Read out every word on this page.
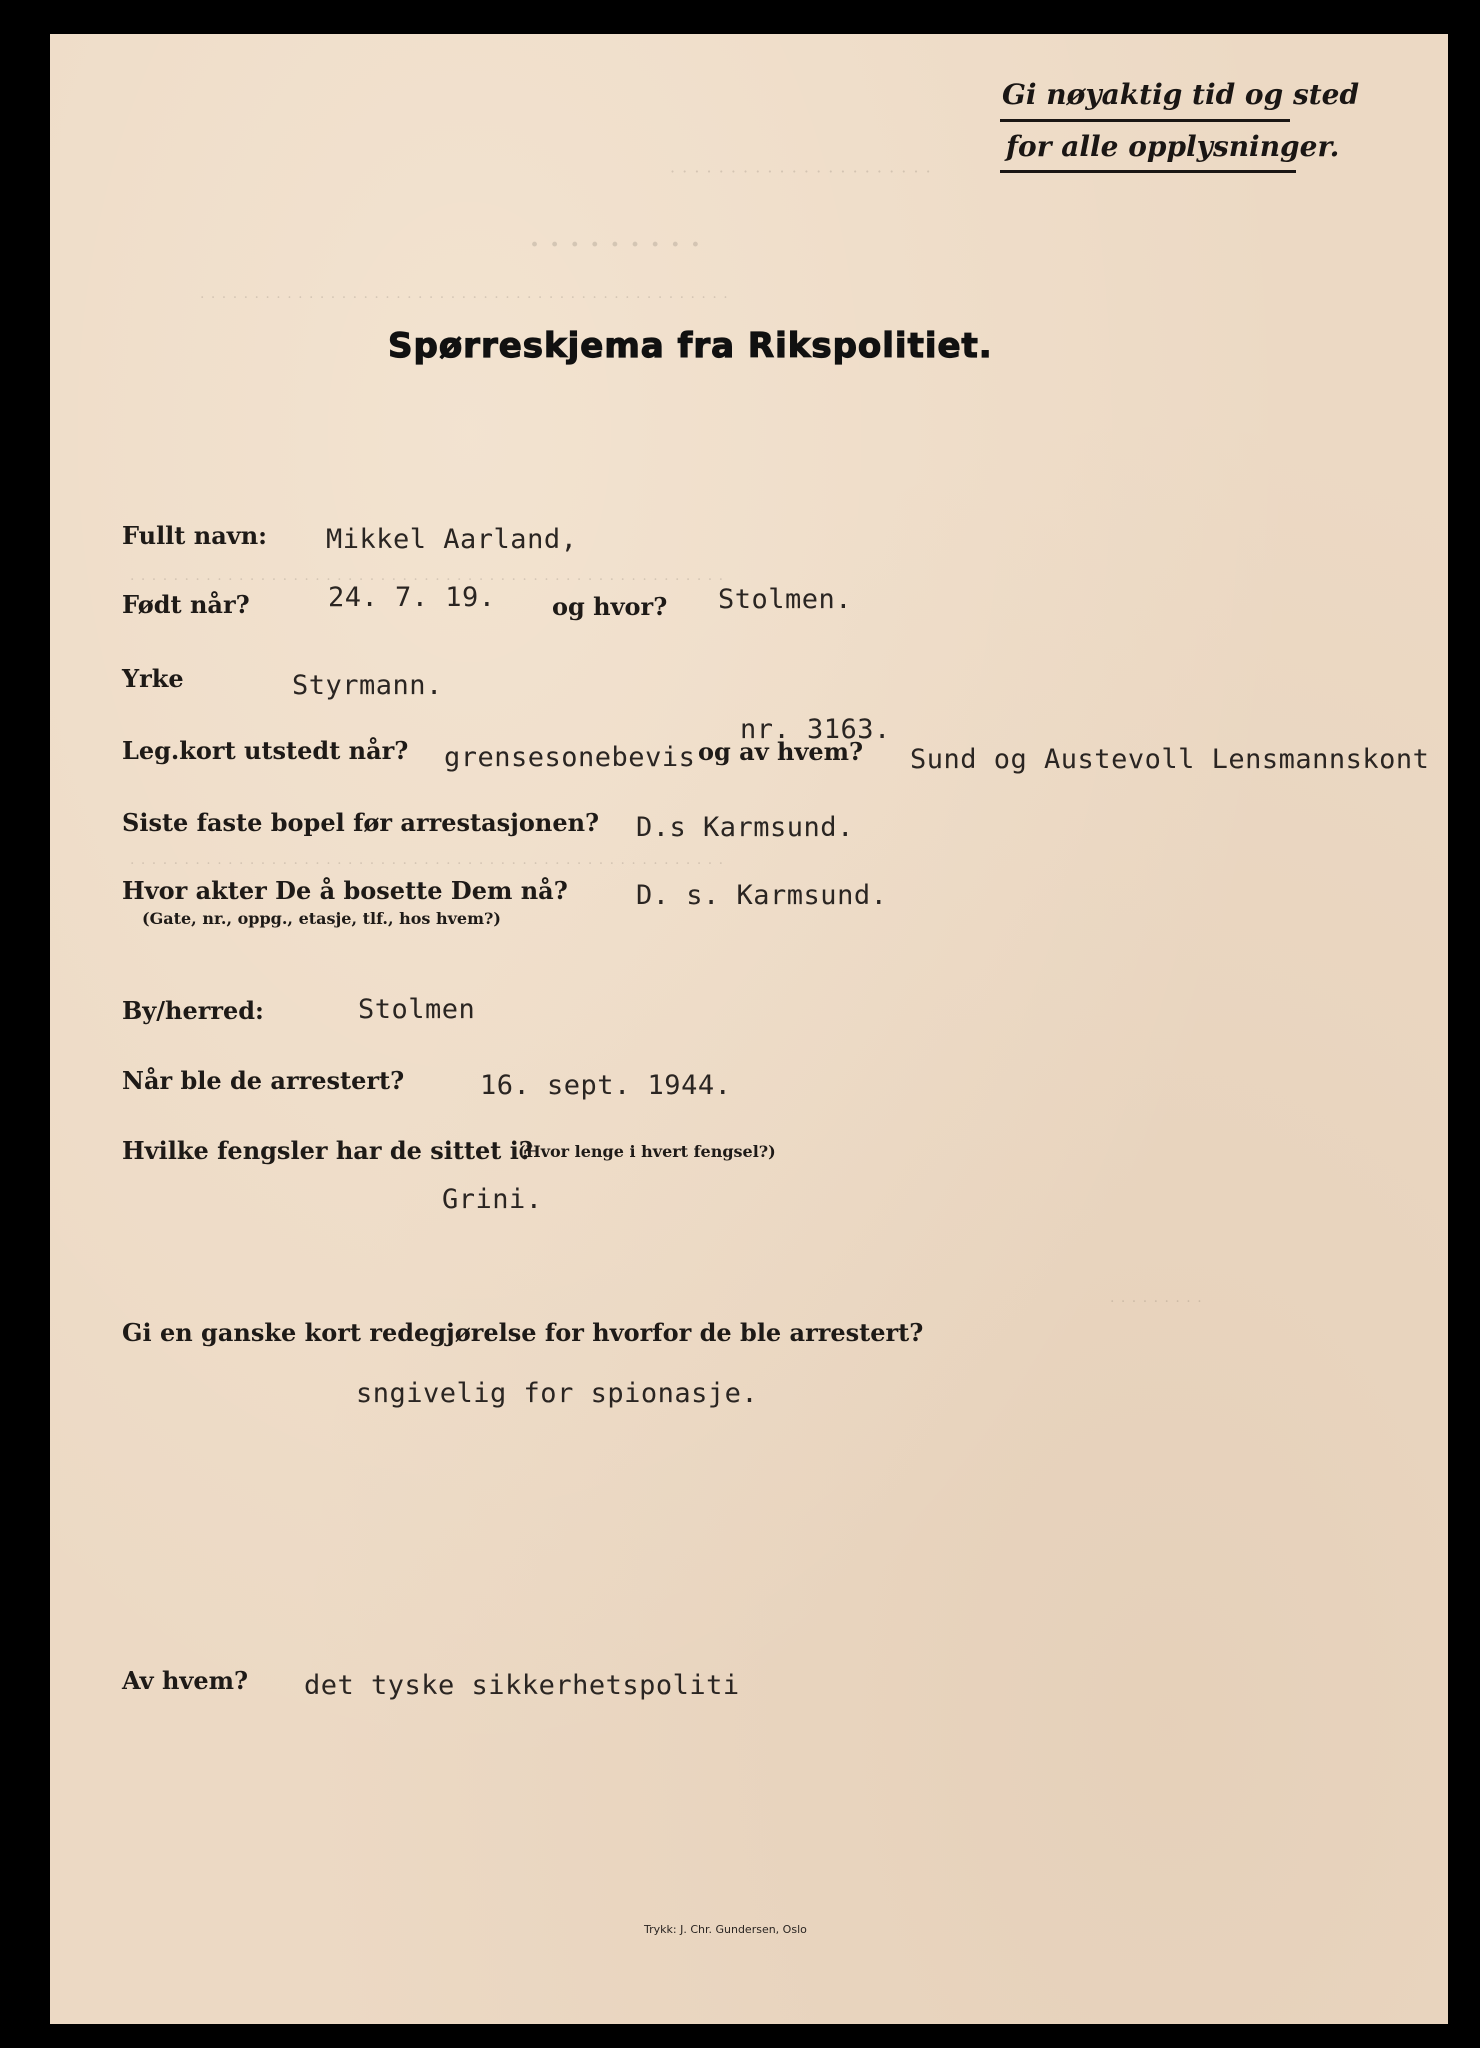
· · · · · · · · · · · · · · · · · · · · · ·
· · · · · · · · ·
· · · · · · · · · · · · · · · · · · · · · · · · · · · · · · · · · · · · · · · · · · · · · · · · ·
· · · · · · · · · · · · · · · · · · · · · · · · · · · · · · · · · · · · · · · · · · · · · · · · · · · · · · ·
· · · · · · · · · · · · · · · · · · · · · · · · · · · · · · · · · · · · · · · · · · · · · · · · · · · · · · ·
· · · · · · · · ·
Gi nøyaktig tid og sted
for alle opplysninger.
Spørreskjema fra Rikspolitiet.
Fullt navn: Mikkel Aarland,
Født når?	24. 7. 19. og hvor? Stolmen.
Yrke	Styrmann.
Leg.kort utstedt når? grensesonebevis
nr. 3163.
og av hvem? Sund og Austevoll Lensmannskont
Siste faste bopel før arrestasjonen? D.s Karmsund.
Hvor akter De å bosette Dem nå?
(Gate, nr., oppg., etasje, tlf., hos hvem?)
D. s. Karmsund.
By/herred:	Stolmen
Når ble de arrestert?	16. sept. 1944.
Hvilke fengsler har de sittet i?
(Hvor lenge i hvert fengsel?)
Grini.
Gi en ganske kort redegjørelse for hvorfor de ble arrestert?
sngivelig for spionasje.
Av hvem? det tyske sikkerhetspoliti
Trykk: J. Chr. Gundersen, Oslo
